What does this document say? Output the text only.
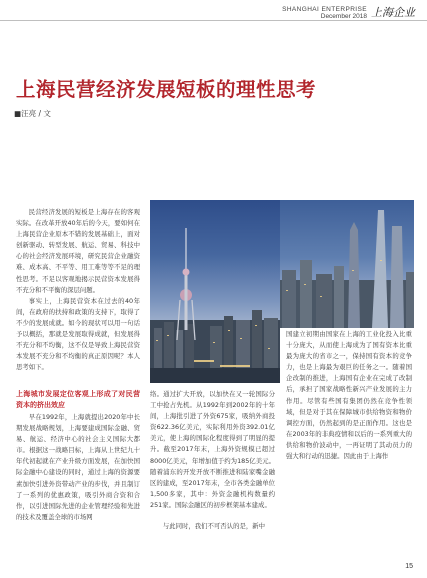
SHANGHAI ENTERPRISE
December 2018 上海企业
上海民营经济发展短板的理性思考
■汪亮 / 文

民营经济发展的短板是上海存在的客观实际。在改革开放40年后的今天，要如何在上海民营企业原本不错的发展基础上，面对创新驱动、转型发展、航运、贸易、科技中心的社会经济发展环境，研究民营企业融资难、成本高、不平等、用工难等等不足的理性思考。不足以客观地揭示民营资本发展得不充分和不平衡的深层问题。

事实上，上海民营资本在过去的40年间，在政府的扶持和政策的支持下，取得了不少的发展成就。如今的现状可以用一句话予以概括，那就是发展取得成就，但发展得不充分和不均衡，这不仅是导致上海民营资本发展不充分和不均衡的真正原因呢？本人思考如下。

上海城市发展定位客观上形成了对民营资本的挤出效应

早在1992年，上海就提出2020年中长期发展战略规划，上海要建成国际金融、贸易、航运、经济中心的社会主义国际大都市。根据这一战略目标，上海从上世纪九十年代初起就在产业升级方面发展，在加快国际金融中心建设的同时，通过上海的资源要素加快引进外资带动产业的步伐，并且制订了一系列的优惠政策，吸引外商合资和合作，以引进国际先进的企业管理经验和先进的技术及覆盖全球的市场网

络。通过扩大开放，以加快在又一轮国际分工中抢占先机。从1992年到2002年的十年间，上海批引进了外资675家，吸纳外商投资622.36亿美元，实际利用外资392.01亿美元，使上海的国际化程度得到了明显的提升。截至2017年末，上海外资规模已超过8000亿美元，年增加值于约为185亿美元。随着浦东的开发开放不断推进和陆家嘴金融区的建成，至2017年末，全市各类金融单位1,500多家，其中：外资金融机构数量约251家。国际金融区的初步框架基本建成。

与此同时，我们不可否认的是，新中

国建立初期由国家在上海的工业化投入比重十分庞大，从而使上海成为了国有资本比重最为庞大的省市之一，保持国有资本的竞争力，也是上海最为艰巨的任务之一。随着国企改制的推进，上海国有企业在完成了改制后，承担了国家战略性新兴产业发展的主力作用。尽管有些国有集团仍然在竞争性领域，但是对于其在保障城市供给物资和物价调控方面，仍然起到的是正面作用。这也是在2003年的非典疫情和以后的一系列重大的供给和物价波动中，一再证明了其动员力的强大和行动的迅捷。因此由于上海作

15
